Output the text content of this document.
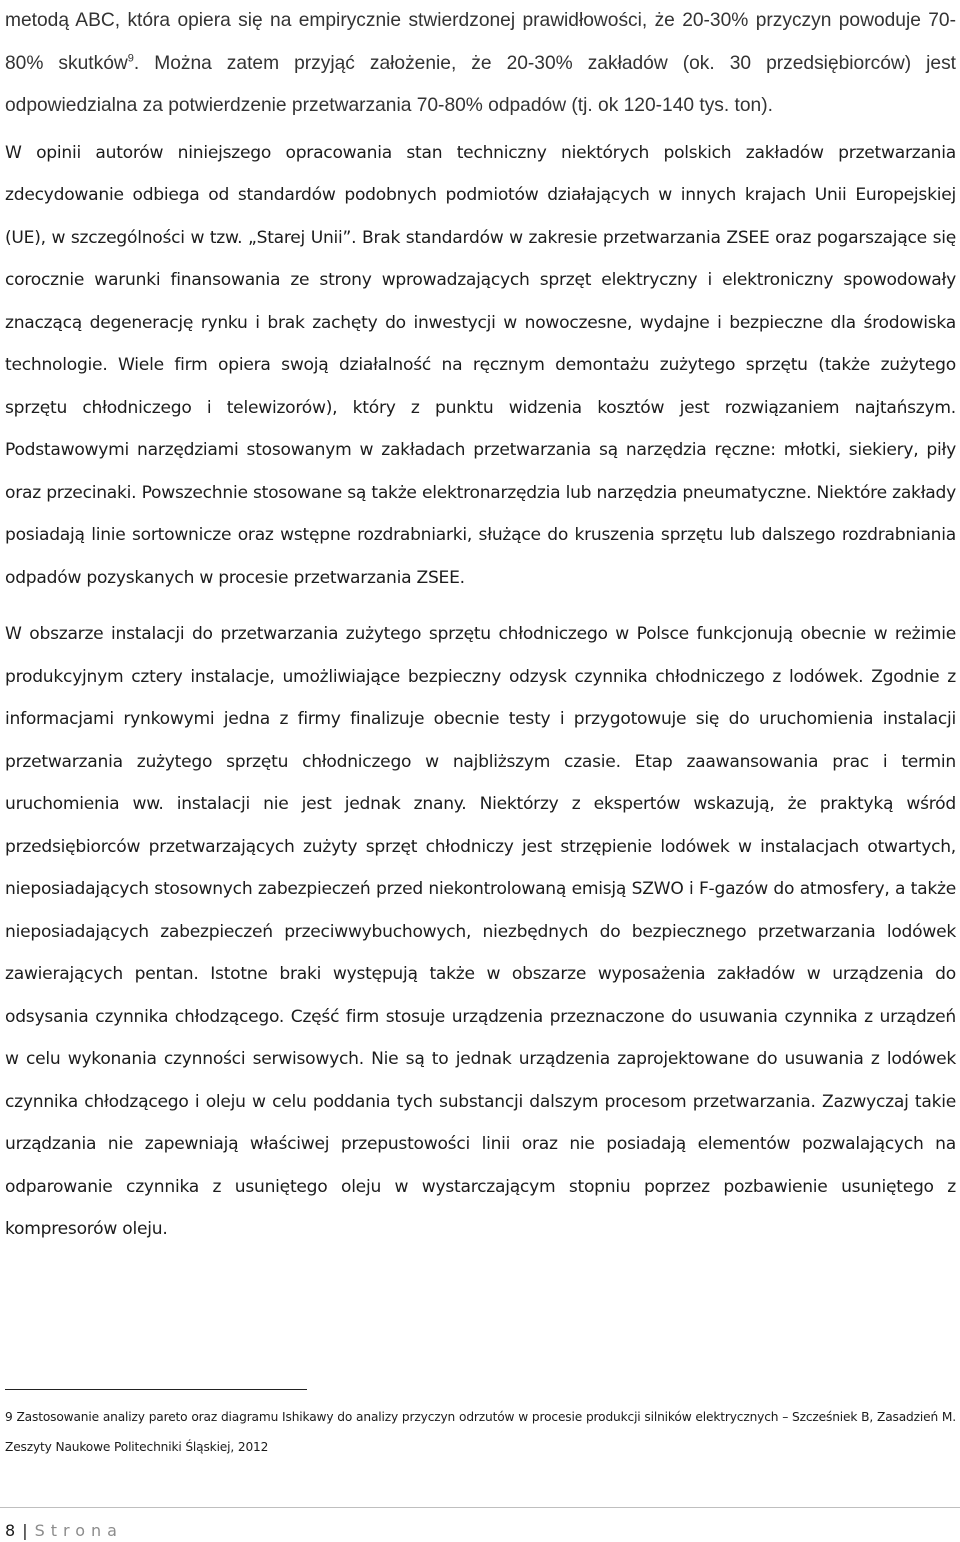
metodą ABC, która opiera się na empirycznie stwierdzonej prawidłowości, że 20-30% przyczyn powoduje 70-80% skutków$^9$. Można zatem przyjąć założenie, że 20-30% zakładów (ok. 30 przedsiębiorców) jest odpowiedzialna za potwierdzenie przetwarzania 70-80% odpadów (tj. ok 120-140 tys. ton).

W opinii autorów niniejszego opracowania stan techniczny niektórych polskich zakładów przetwarzania zdecydowanie odbiega od standardów podobnych podmiotów działających w innych krajach Unii Europejskiej (UE), w szczególności w tzw. „Starej Unii”. Brak standardów w zakresie przetwarzania ZSEE oraz pogarszające się corocznie warunki finansowania ze strony wprowadzających sprzęt elektryczny i elektroniczny spowodowały znaczącą degenerację rynku i brak zachęty do inwestycji w nowoczesne, wydajne i bezpieczne dla środowiska technologie. Wiele firm opiera swoją działalność na ręcznym demontażu zużytego sprzętu (także zużytego sprzętu chłodniczego i telewizorów), który z punktu widzenia kosztów jest rozwiązaniem najtańszym. Podstawowymi narzędziami stosowanym w zakładach przetwarzania są narzędzia ręczne: młotki, siekiery, piły oraz przecinaki. Powszechnie stosowane są także elektronarzędzia lub narzędzia pneumatyczne. Niektóre zakłady posiadają linie sortownicze oraz wstępne rozdrabniarki, służące do kruszenia sprzętu lub dalszego rozdrabniania odpadów pozyskanych w procesie przetwarzania ZSEE.

W obszarze instalacji do przetwarzania zużytego sprzętu chłodniczego w Polsce funkcjonują obecnie w reżimie produkcyjnym cztery instalacje, umożliwiające bezpieczny odzysk czynnika chłodniczego z lodówek. Zgodnie z informacjami rynkowymi jedna z firmy finalizuje obecnie testy i przygotowuje się do uruchomienia instalacji przetwarzania zużytego sprzętu chłodniczego w najbliższym czasie. Etap zaawansowania prac i termin uruchomienia ww. instalacji nie jest jednak znany. Niektórzy z ekspertów wskazują, że praktyką wśród przedsiębiorców przetwarzających zużyty sprzęt chłodniczy jest strzępienie lodówek w instalacjach otwartych, nieposiadających stosownych zabezpieczeń przed niekontrolowaną emisją SZWO i F-gazów do atmosfery, a także nieposiadających zabezpieczeń przeciwwybuchowych, niezbędnych do bezpiecznego przetwarzania lodówek zawierających pentan. Istotne braki występują także w obszarze wyposażenia zakładów w urządzenia do odsysania czynnika chłodzącego. Część firm stosuje urządzenia przeznaczone do usuwania czynnika z urządzeń w celu wykonania czynności serwisowych. Nie są to jednak urządzenia zaprojektowane do usuwania z lodówek czynnika chłodzącego i oleju w celu poddania tych substancji dalszym procesom przetwarzania. Zazwyczaj takie urządzania nie zapewniają właściwej przepustowości linii oraz nie posiadają elementów pozwalających na odparowanie czynnika z usuniętego oleju w wystarczającym stopniu poprzez pozbawienie usuniętego z kompresorów oleju.

9 Zastosowanie analizy pareto oraz diagramu Ishikawy do analizy przyczyn odrzutów w procesie produkcji silników elektrycznych – Szcześniek B, Zasadzień M. Zeszyty Naukowe Politechniki Śląskiej, 2012
8 | Strona
